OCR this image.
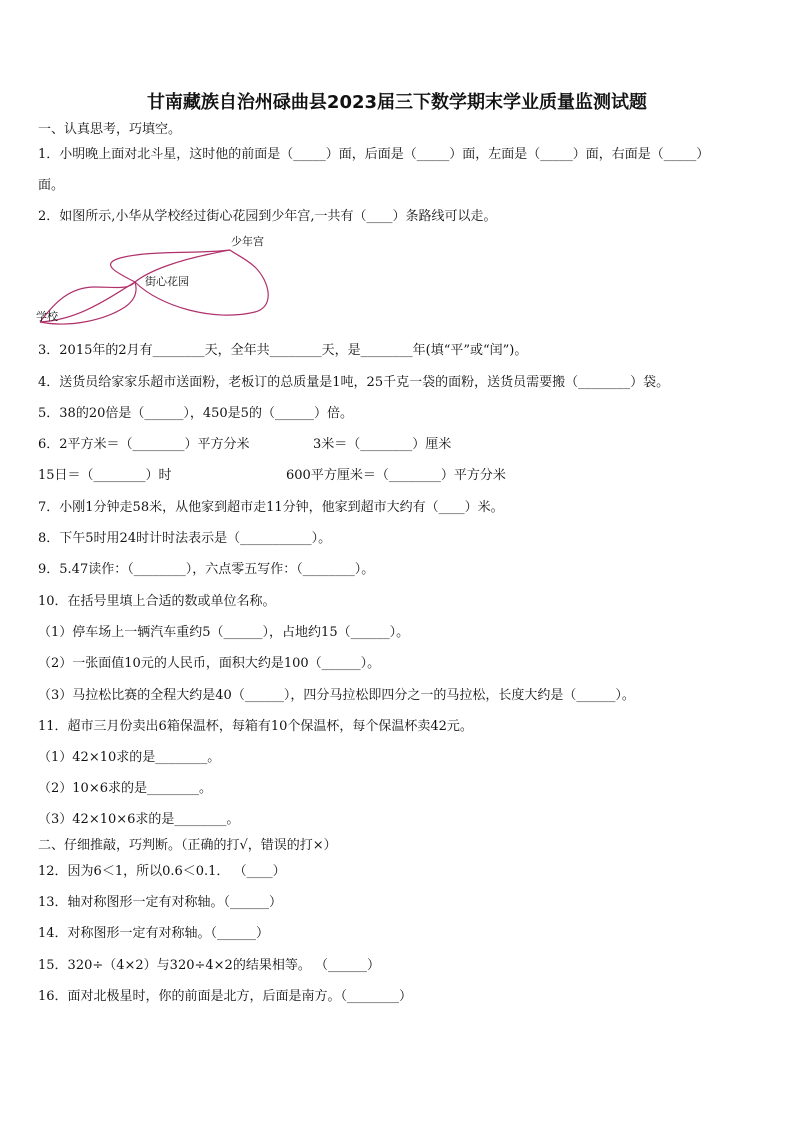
甘南藏族自治州碌曲县2023届三下数学期末学业质量监测试题
一、认真思考，巧填空。
1．小明晚上面对北斗星，这时他的前面是（_____）面，后面是（_____）面，左面是（_____）面，右面是（_____）
面。
2．如图所示,小华从学校经过街心花园到少年宫,一共有（____）条路线可以走。
少年宫
街心花园
学校
3．2015年的2月有________天，全年共________天，是________年(填“平”或“闰”)。
4．送货员给家家乐超市送面粉，老板订的总质量是1吨，25千克一袋的面粉，送货员需要搬（________）袋。
5．38的20倍是（______），450是5的（______）倍。
6．2平方米＝（________）平方分米	3米＝（________）厘米
15日＝（________）时	600平方厘米＝（________）平方分米
7．小刚1分钟走58米，从他家到超市走11分钟，他家到超市大约有（____）米。
8．下午5时用24时计时法表示是（___________）。
9．5.47读作：（________），六点零五写作：（________）。
10．在括号里填上合适的数或单位名称。
（1）停车场上一辆汽车重约5（______），占地约15（______）。
（2）一张面值10元的人民币，面积大约是100（______）。
（3）马拉松比赛的全程大约是40（______），四分马拉松即四分之一的马拉松，长度大约是（______）。
11．超市三月份卖出6箱保温杯，每箱有10个保温杯，每个保温杯卖42元。
（1）42×10求的是________。
（2）10×6求的是________。
（3）42×10×6求的是________。
二、仔细推敲，巧判断。（正确的打√，错误的打×）
12．因为6＜1，所以0.6＜0.1． （____）
13．轴对称图形一定有对称轴。（______）
14．对称图形一定有对称轴。（______）
15．320÷（4×2）与320÷4×2的结果相等。 （______）
16．面对北极星时，你的前面是北方，后面是南方。（________）
